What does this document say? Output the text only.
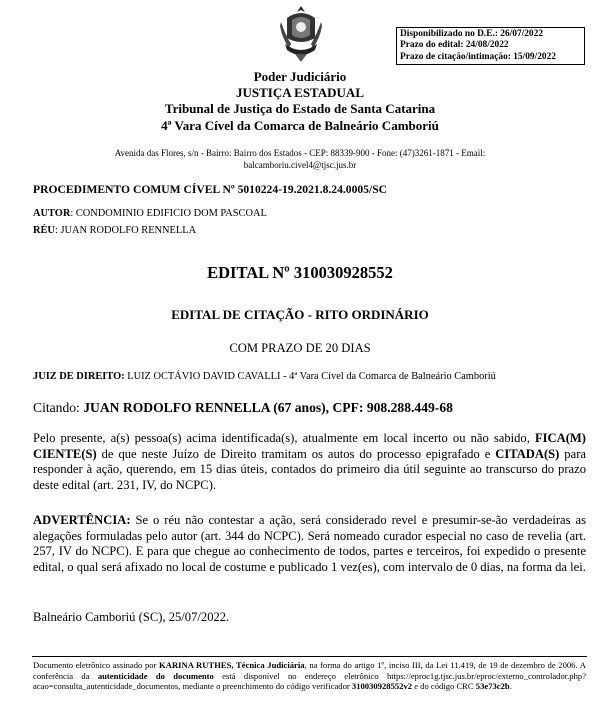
Disponibilizado no D.E.: 26/07/2022
Prazo do edital: 24/08/2022
Prazo de citação/intimação: 15/09/2022
Poder Judiciário
JUSTIÇA ESTADUAL
Tribunal de Justiça do Estado de Santa Catarina
4ª Vara Cível da Comarca de Balneário Camboriú
Avenida das Flores, s/n - Bairro: Bairro dos Estados - CEP: 88339-900 - Fone: (47)3261-1871 - Email:
balcamboriu.civel4@tjsc.jus.br
PROCEDIMENTO COMUM CÍVEL Nº 5010224-19.2021.8.24.0005/SC
AUTOR: CONDOMINIO EDIFICIO DOM PASCOAL
RÉU: JUAN RODOLFO RENNELLA
EDITAL Nº 310030928552
EDITAL DE CITAÇÃO - RITO ORDINÁRIO
COM PRAZO DE 20 DIAS
JUIZ DE DIREITO: LUIZ OCTÁVIO DAVID CAVALLI - 4ª Vara Cível da Comarca de Balneário Camboriú
Citando: JUAN RODOLFO RENNELLA (67 anos), CPF: 908.288.449-68
Pelo presente, a(s) pessoa(s) acima identificada(s), atualmente em local incerto ou não sabido, FICA(M) CIENTE(S) de que neste Juízo de Direito tramitam os autos do processo epigrafado e CITADA(S) para responder à ação, querendo, em 15 dias úteis, contados do primeiro dia útil seguinte ao transcurso do prazo deste edital (art. 231, IV, do NCPC).
ADVERTÊNCIA: Se o réu não contestar a ação, será considerado revel e presumir-se-ão verdadeiras as alegações formuladas pelo autor (art. 344 do NCPC). Será nomeado curador especial no caso de revelia (art. 257, IV do NCPC). E para que chegue ao conhecimento de todos, partes e terceiros, foi expedido o presente edital, o qual será afixado no local de costume e publicado 1 vez(es), com intervalo de 0 dias, na forma da lei.
Balneário Camboriú (SC), 25/07/2022.
Documento eletrônico assinado por KARINA RUTHES, Técnica Judiciária, na forma do artigo 1º, inciso III, da Lei 11.419, de 19 de dezembro de 2006. A conferência da autenticidade do documento está disponível no endereço eletrônico https://eproc1g.tjsc.jus.br/eproc/externo_controlador.php?acao=consulta_autenticidade_documentos, mediante o preenchimento do código verificador 310030928552v2 e do código CRC 53e73c2b.
